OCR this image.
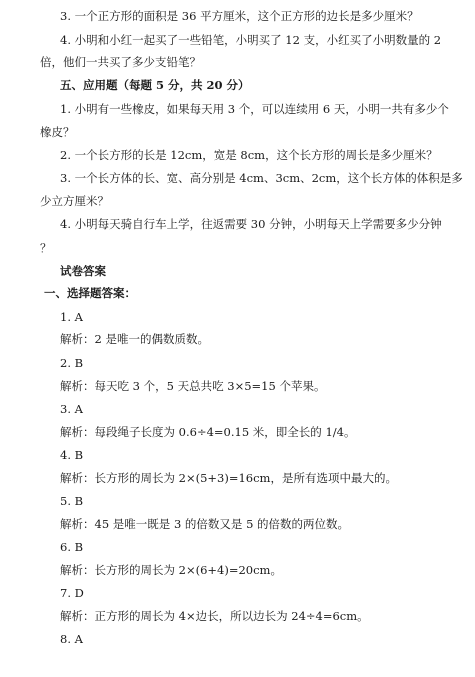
3. 一个正方形的面积是 36 平方厘米，这个正方形的边长是多少厘米？
4. 小明和小红一起买了一些铅笔，小明买了 12 支，小红买了小明数量的 2
倍，他们一共买了多少支铅笔？
五、应用题（每题 5 分，共 20 分）
1. 小明有一些橡皮，如果每天用 3 个，可以连续用 6 天，小明一共有多少个
橡皮？
2. 一个长方形的长是 12cm，宽是 8cm，这个长方形的周长是多少厘米？
3. 一个长方体的长、宽、高分别是 4cm、3cm、2cm，这个长方体的体积是多
少立方厘米？
4. 小明每天骑自行车上学，往返需要 30 分钟，小明每天上学需要多少分钟
？
试卷答案
一、选择题答案：
1. A
解析：2 是唯一的偶数质数。
2. B
解析：每天吃 3 个，5 天总共吃 3×5=15 个苹果。
3. A
解析：每段绳子长度为 0.6÷4=0.15 米，即全长的 1/4。
4. B
解析：长方形的周长为 2×(5+3)=16cm，是所有选项中最大的。
5. B
解析：45 是唯一既是 3 的倍数又是 5 的倍数的两位数。
6. B
解析：长方形的周长为 2×(6+4)=20cm。
7. D
解析：正方形的周长为 4×边长，所以边长为 24÷4=6cm。
8. A
